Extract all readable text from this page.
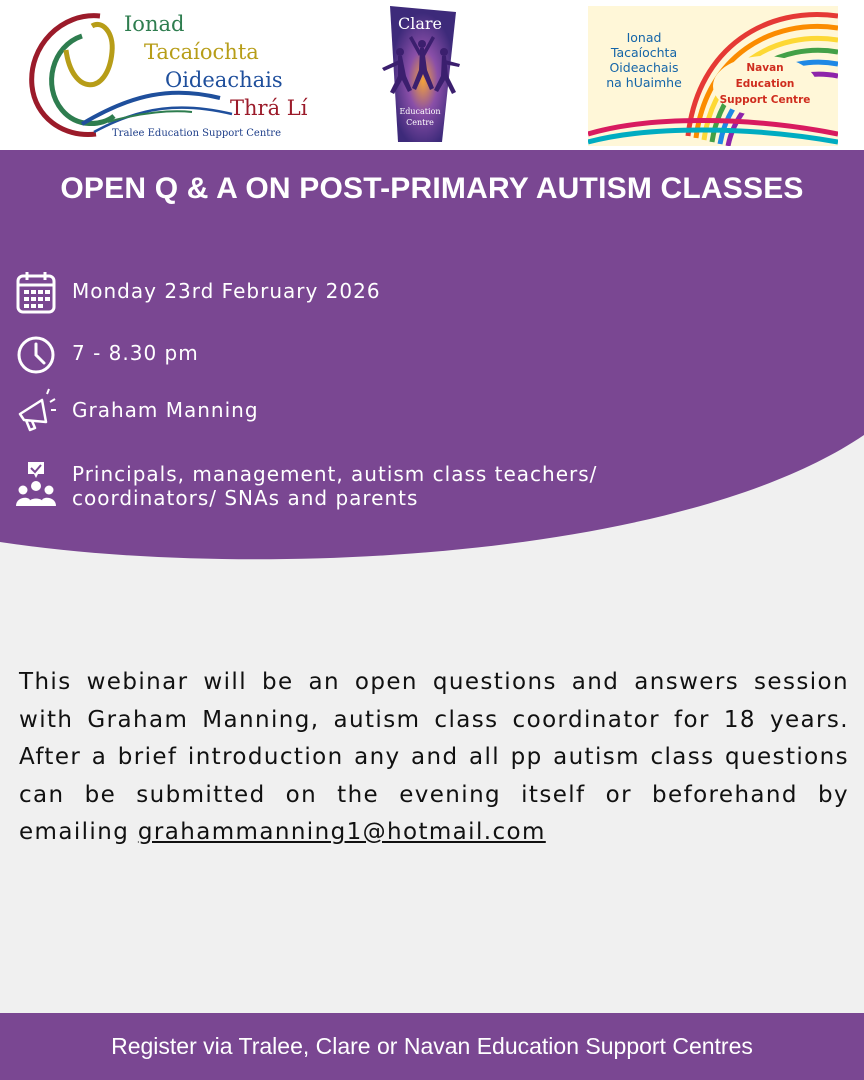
Ionad
Tacaíochta
Oideachais
Thrá Lí
Tralee Education Support Centre
Clare
Education
Centre
Ionad
Tacaíochta
Oideachais
na hUaimhe
Navan
Education
Support Centre
OPEN Q & A ON POST-PRIMARY AUTISM CLASSES
Monday 23rd February 2026
7 - 8.30 pm
Graham Manning
Principals, management, autism class teachers/
coordinators/ SNAs and parents

This webinar will be an open questions and answers session with Graham Manning, autism class coordinator for 18 years. After a brief introduction any and all pp autism class questions can be submitted on the evening itself or beforehand by emailing grahammanning1@hotmail.com

Register via Tralee, Clare or Navan Education Support Centres
